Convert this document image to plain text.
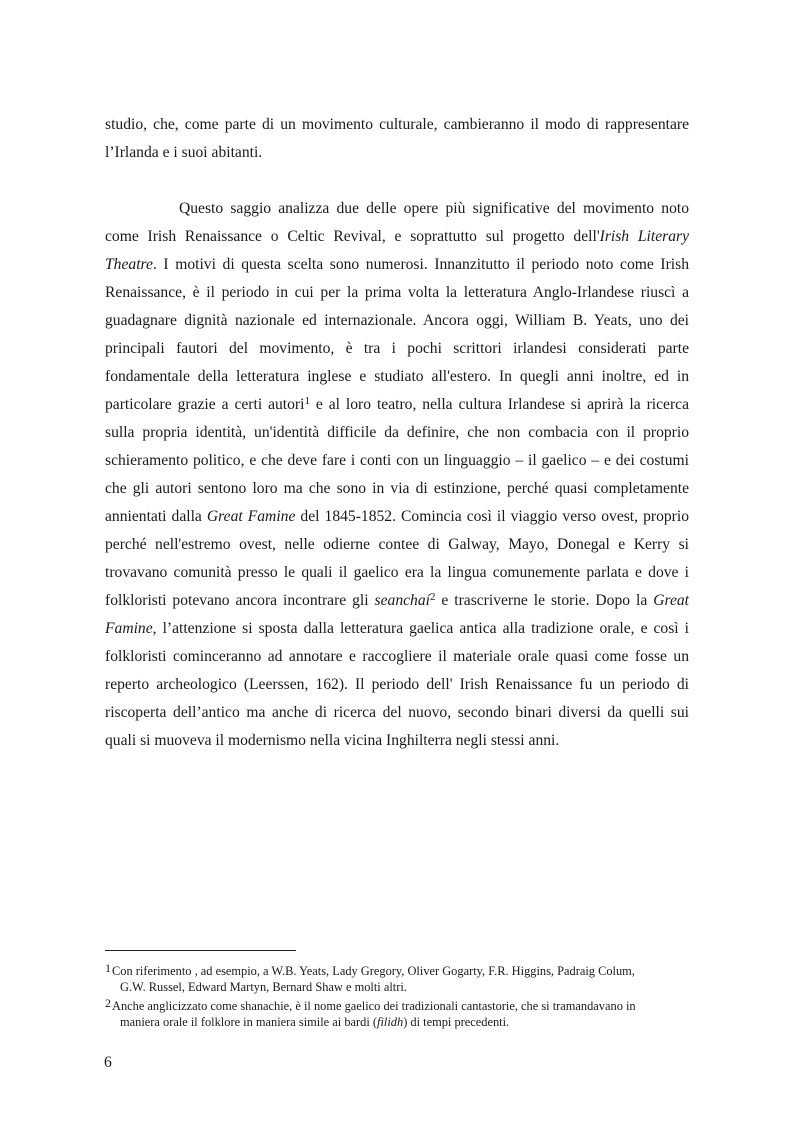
studio, che, come parte di un movimento culturale, cambieranno il modo di rappresentare
l’Irlanda e i suoi abitanti.
Questo saggio analizza due delle opere più significative del movimento noto
come Irish Renaissance o Celtic Revival, e soprattutto sul progetto dell'Irish Literary
Theatre. I motivi di questa scelta sono numerosi. Innanzitutto il periodo noto come Irish
Renaissance, è il periodo in cui per la prima volta la letteratura Anglo-Irlandese riuscì a
guadagnare dignità nazionale ed internazionale. Ancora oggi, William B. Yeats, uno dei
principali fautori del movimento, è tra i pochi scrittori irlandesi considerati parte
fondamentale della letteratura inglese e studiato all'estero. In quegli anni inoltre, ed in
particolare grazie a certi autori$^1$ e al loro teatro, nella cultura Irlandese si aprirà la ricerca
sulla propria identità, un'identità difficile da definire, che non combacia con il proprio
schieramento politico, e che deve fare i conti con un linguaggio – il gaelico – e dei costumi
che gli autori sentono loro ma che sono in via di estinzione, perché quasi completamente
annientati dalla Great Famine del 1845-1852. Comincia così il viaggio verso ovest, proprio
perché nell'estremo ovest, nelle odierne contee di Galway, Mayo, Donegal e Kerry si
trovavano comunità presso le quali il gaelico era la lingua comunemente parlata e dove i
folkloristi potevano ancora incontrare gli seanchaí$^2$ e trascriverne le storie. Dopo la Great
Famine, l’attenzione si sposta dalla letteratura gaelica antica alla tradizione orale, e così i
folkloristi cominceranno ad annotare e raccogliere il materiale orale quasi come fosse un
reperto archeologico (Leerssen, 162). Il periodo dell' Irish Renaissance fu un periodo di
riscoperta dell’antico ma anche di ricerca del nuovo, secondo binari diversi da quelli sui
quali si muoveva il modernismo nella vicina Inghilterra negli stessi anni.
1Con riferimento , ad esempio, a W.B. Yeats, Lady Gregory, Oliver Gogarty, F.R. Higgins, Padraig Colum,
G.W. Russel, Edward Martyn, Bernard Shaw e molti altri.
2Anche anglicizzato come shanachie, è il nome gaelico dei tradizionali cantastorie, che si tramandavano in
maniera orale il folklore in maniera simile ai bardi (filidh) di tempi precedenti.
6
